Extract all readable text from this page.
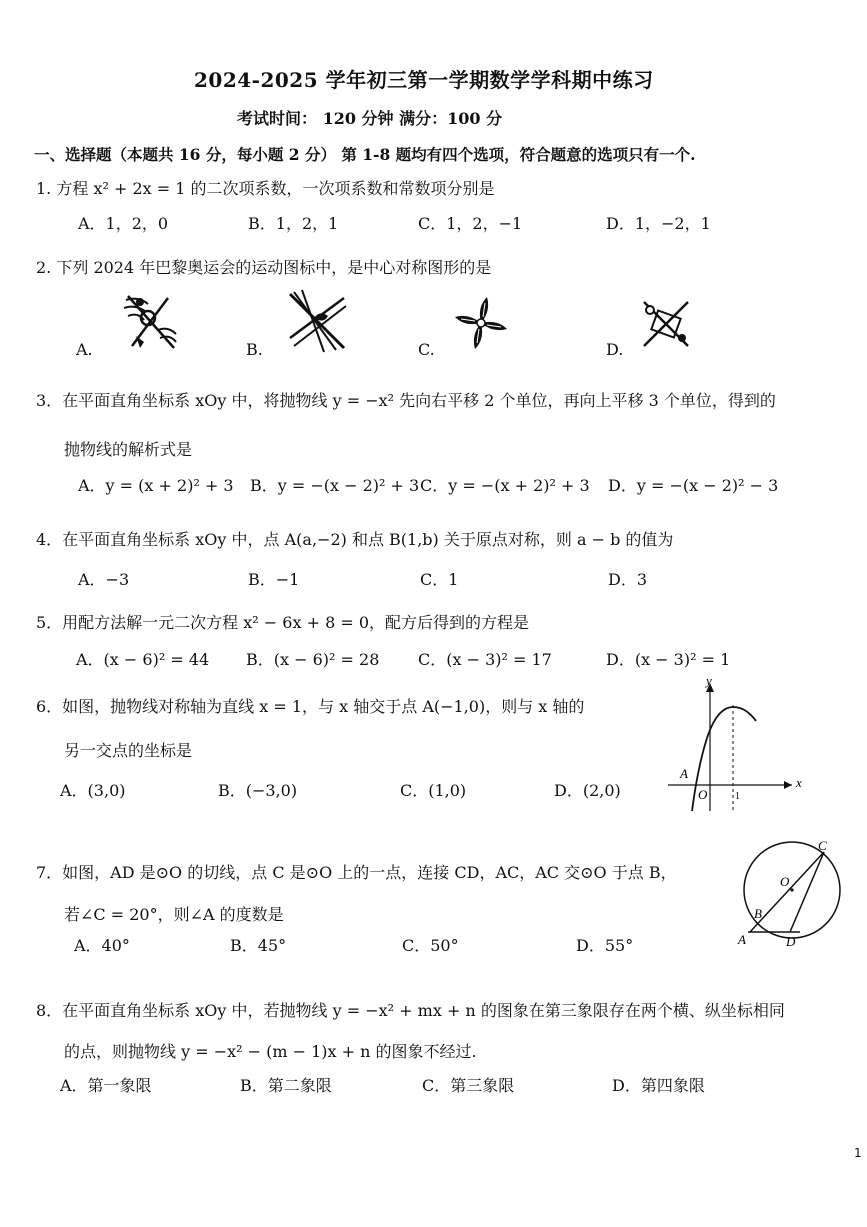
2024-2025 学年初三第一学期数学学科期中练习
考试时间： 120 分钟 满分：100 分
一、选择题（本题共 16 分，每小题 2 分） 第 1-8 题均有四个选项，符合题意的选项只有一个.
1. 方程 x² + 2x = 1 的二次项系数，一次项系数和常数项分别是
A．1，2，0	B．1，2，1	C．1，2，−1	D．1，−2，1
2. 下列 2024 年巴黎奥运会的运动图标中，是中心对称图形的是
A.	B.	C.	D.
3．在平面直角坐标系 xOy 中，将抛物线 y = −x² 先向右平移 2 个单位，再向上平移 3 个单位，得到的
抛物线的解析式是
A．y = (x + 2)² + 3 B．y = −(x − 2)² + 3 C．y = −(x + 2)² + 3 D．y = −(x − 2)² − 3
4．在平面直角坐标系 xOy 中，点 A(a,−2) 和点 B(1,b) 关于原点对称，则 a − b 的值为
A．−3	B．−1	C．1	D．3
5．用配方法解一元二次方程 x² − 6x + 8 = 0，配方后得到的方程是
A．(x − 6)² = 44 B．(x − 6)² = 28 C．(x − 3)² = 17	D．(x − 3)² = 1
6．如图，抛物线对称轴为直线 x = 1，与 x 轴交于点 A(−1,0)，则与 x 轴的
另一交点的坐标是
A．(3,0)	B．(−3,0)	C．(1,0)	D．(2,0)
y
x
A
O	1
7．如图，AD 是⊙O 的切线，点 C 是⊙O 上的一点，连接 CD，AC，AC 交⊙O 于点 B，
若∠C = 20°，则∠A 的度数是
A．40°	B．45°	C．50°	D．55°
C
O
B
A	D
8．在平面直角坐标系 xOy 中，若抛物线 y = −x² + mx + n 的图象在第三象限存在两个横、纵坐标相同
的点，则抛物线 y = −x² − (m − 1)x + n 的图象不经过.
A．第一象限	B．第二象限	C．第三象限	D．第四象限
1
